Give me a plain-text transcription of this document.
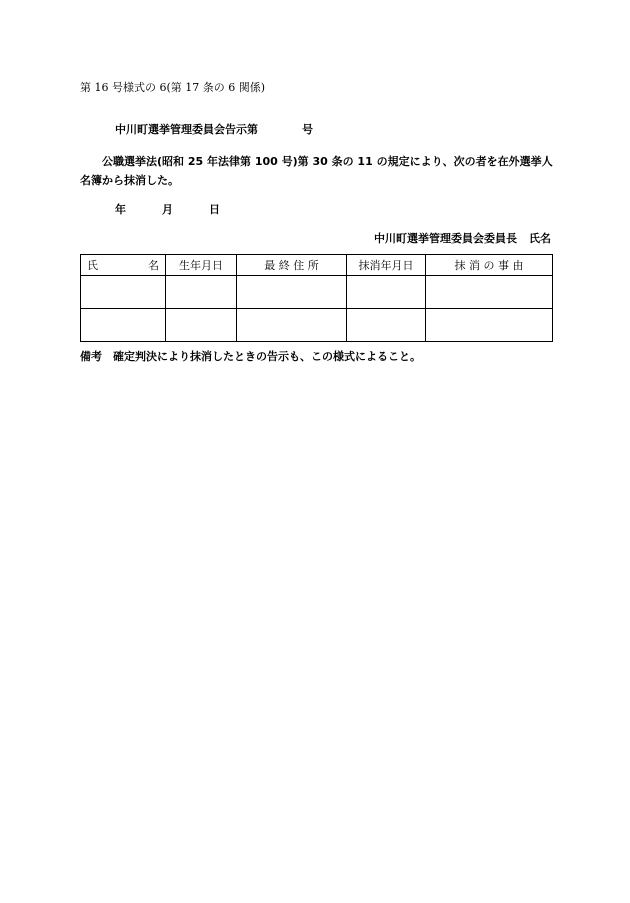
第 16 号様式の 6(第 17 条の 6 関係)
中川町選挙管理委員会告示第	号
公職選挙法(昭和 25 年法律第 100 号)第 30 条の 11 の規定により、次の者を在外選挙人名簿から抹消した。
年	月	日
中川町選挙管理委員会委員長 氏名
氏　　名	生年月日	最 終 住 所	抹消年月日	抹 消 の 事 由

備考 確定判決により抹消したときの告示も、この様式によること。
